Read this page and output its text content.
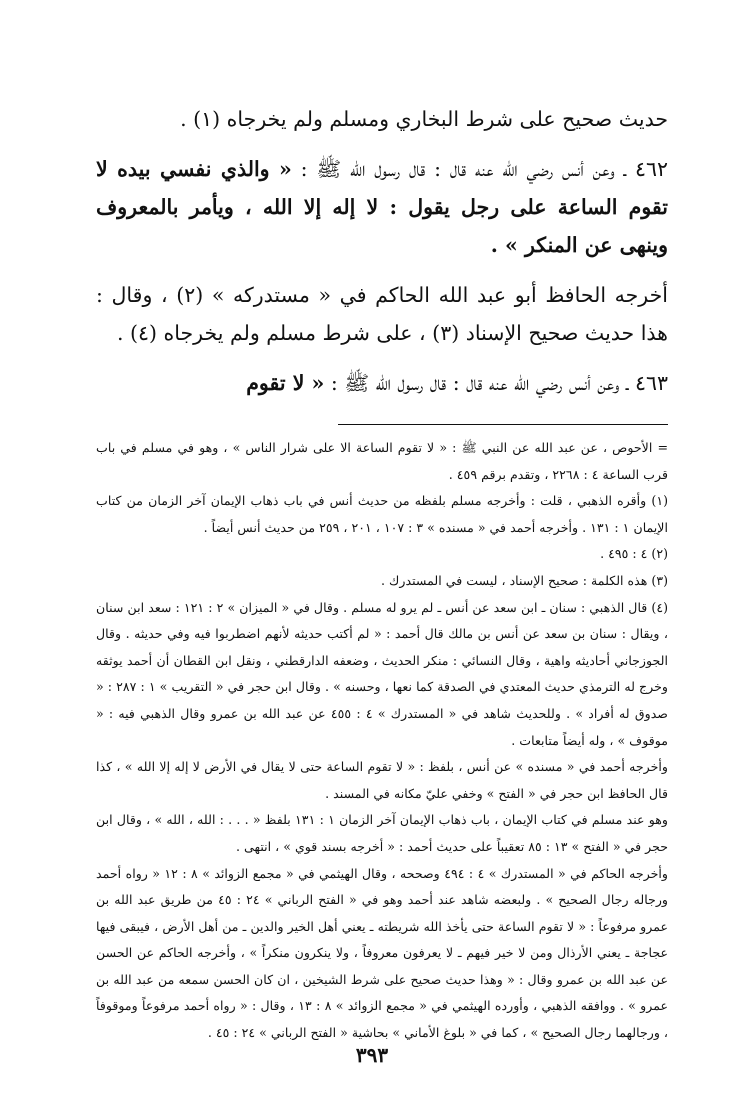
حديث صحيح على شرط البخاري ومسلم ولم يخرجاه (١) .

٤٦٢ ـ وعن أنس رضي الله عنه قال : قال رسول الله ﷺ : « والذي نفسي بيده لا تقوم الساعة على رجل يقول : لا إله إلا الله ، ويأمر بالمعروف وينهى عن المنكر » .

أخرجه الحافظ أبو عبد الله الحاكم في « مستدركه » (٢) ، وقال : هذا حديث صحيح الإسناد (٣) ، على شرط مسلم ولم يخرجاه (٤) .

٤٦٣ ـ وعن أنس رضي الله عنه قال : قال رسول الله ﷺ : « لا تقوم

= الأحوص ، عن عبد الله عن النبي ﷺ : « لا تقوم الساعة الا على شرار الناس » ، وهو في مسلم في باب قرب الساعة ٤ : ٢٢٦٨ ، وتقدم برقم ٤٥٩ .

(١) وأقره الذهبي ، قلت : وأخرجه مسلم بلفظه من حديث أنس في باب ذهاب الإيمان آخر الزمان من كتاب الإيمان ١ : ١٣١ . وأخرجه أحمد في « مسنده » ٣ : ١٠٧ ، ٢٠١ ، ٢٥٩ من حديث أنس أيضاً .

(٢) ٤ : ٤٩٥ .

(٣) هذه الكلمة : صحيح الإسناد ، ليست في المستدرك .

(٤) قال الذهبي : سنان ـ ابن سعد عن أنس ـ لم يرو له مسلم . وقال في « الميزان » ٢ : ١٢١ : سعد ابن سنان ، ويقال : سنان بن سعد عن أنس بن مالك قال أحمد : « لم أكتب حديثه لأنهم اضطربوا فيه وفي حديثه . وقال الجوزجاني أحاديثه واهية ، وقال النسائي : منكر الحديث ، وضعفه الدارقطني ، ونقل ابن القطان أن أحمد يوثقه وخرج له الترمذي حديث المعتدي في الصدقة كما نعها ، وحسنه » . وقال ابن حجر في « التقريب » ١ : ٢٨٧ : « صدوق له أفراد » . وللحديث شاهد في « المستدرك » ٤ : ٤٥٥ عن عبد الله بن عمرو وقال الذهبي فيه : « موقوف » ، وله أيضاً متابعات .

وأخرجه أحمد في « مسنده » عن أنس ، بلفظ : « لا تقوم الساعة حتى لا يقال في الأرض لا إله إلا الله » ، كذا قال الحافظ ابن حجر في « الفتح » وخفي عليّ مكانه في المسند .

وهو عند مسلم في كتاب الإيمان ، باب ذهاب الإيمان آخر الزمان ١ : ١٣١ بلفظ « . . . : الله ، الله » ، وقال ابن حجر في « الفتح » ١٣ : ٨٥ تعقيباً على حديث أحمد : « أخرجه بسند قوي » ، انتهى .

وأخرجه الحاكم في « المستدرك » ٤ : ٤٩٤ وصححه ، وقال الهيثمي في « مجمع الزوائد » ٨ : ١٢ « رواه أحمد ورجاله رجال الصحيح » . ولبعضه شاهد عند أحمد وهو في « الفتح الرباني » ٢٤ : ٤٥ من طريق عبد الله بن عمرو مرفوعاً : « لا تقوم الساعة حتى يأخذ الله شريطته ـ يعني أهل الخير والدين ـ من أهل الأرض ، فيبقى فيها عجاجة ـ يعني الأرذال ومن لا خير فيهم ـ لا يعرفون معروفاً ، ولا ينكرون منكراً » ، وأخرجه الحاكم عن الحسن عن عبد الله بن عمرو وقال : « وهذا حديث صحيح على شرط الشيخين ، ان كان الحسن سمعه من عبد الله بن عمرو » . ووافقه الذهبي ، وأورده الهيثمي في « مجمع الزوائد » ٨ : ١٣ ، وقال : « رواه أحمد مرفوعاً وموقوفاً ، ورجالهما رجال الصحيح » ، كما في « بلوغ الأماني » بحاشية « الفتح الرباني » ٢٤ : ٤٥ .

٣٩٣
